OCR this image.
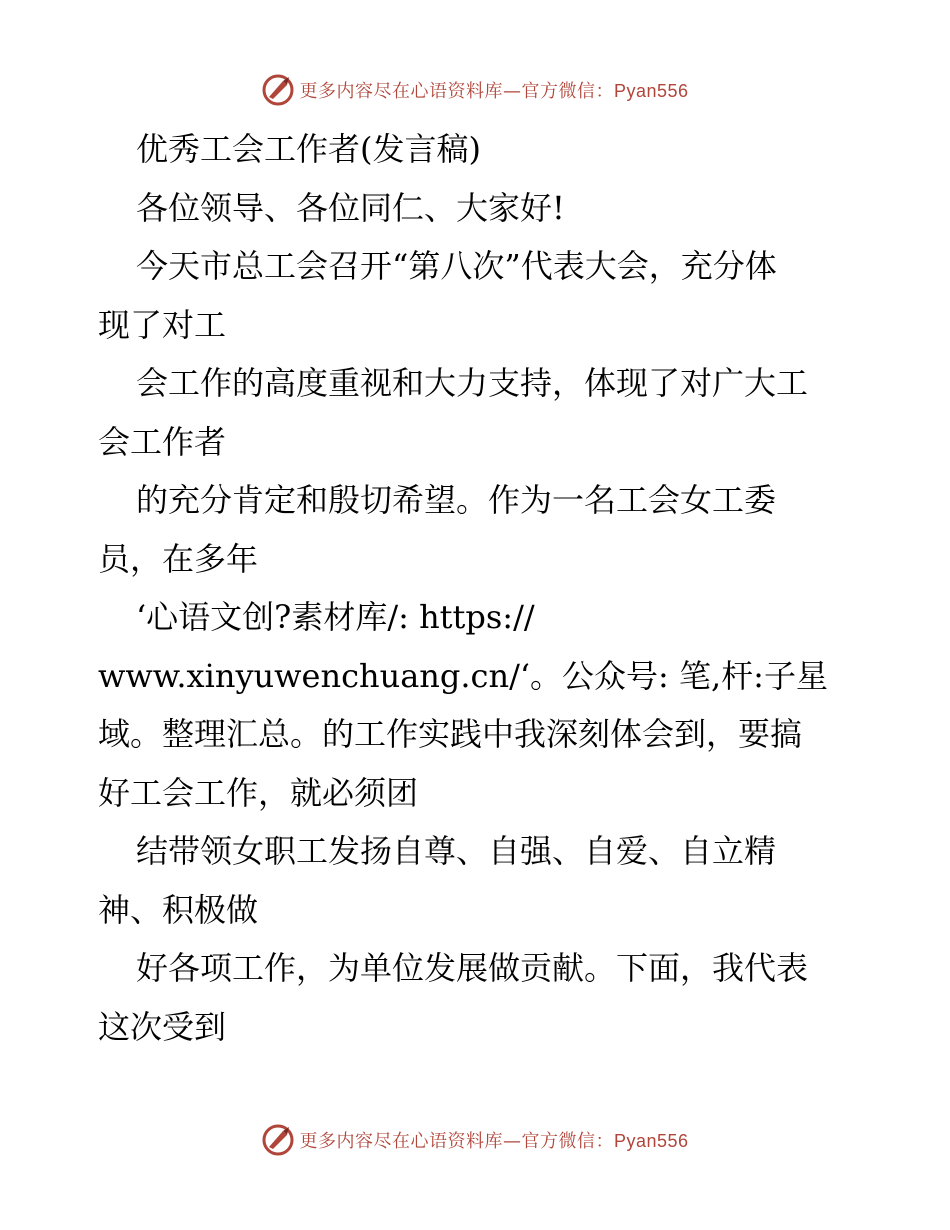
更多内容尽在心语资料库—官方微信：Pyan556
优秀工会工作者(发言稿)
各位领导、各位同仁、大家好!
今天市总工会召开“第八次”代表大会，充分体
现了对工
会工作的高度重视和大力支持，体现了对广大工
会工作者
的充分肯定和殷切希望。作为一名工会女工委
员，在多年
‘心语文创?素材库/: https://
www.xinyuwenchuang.cn/‘。公众号: 笔,杆:子星
域。整理汇总。的工作实践中我深刻体会到，要搞
好工会工作，就必须团
结带领女职工发扬自尊、自强、自爱、自立精
神、积极做
好各项工作，为单位发展做贡献。下面，我代表
这次受到
更多内容尽在心语资料库—官方微信：Pyan556
